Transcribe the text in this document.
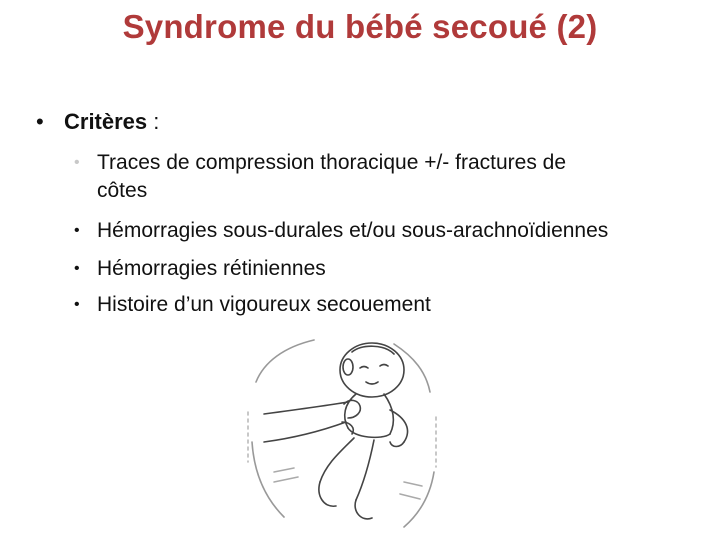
Syndrome du bébé secoué (2)
• Critères :
• Traces de compression thoracique +/- fractures de
côtes
• Hémorragies sous-durales et/ou sous-arachnoïdiennes
• Hémorragies rétiniennes
• Histoire d’un vigoureux secouement
